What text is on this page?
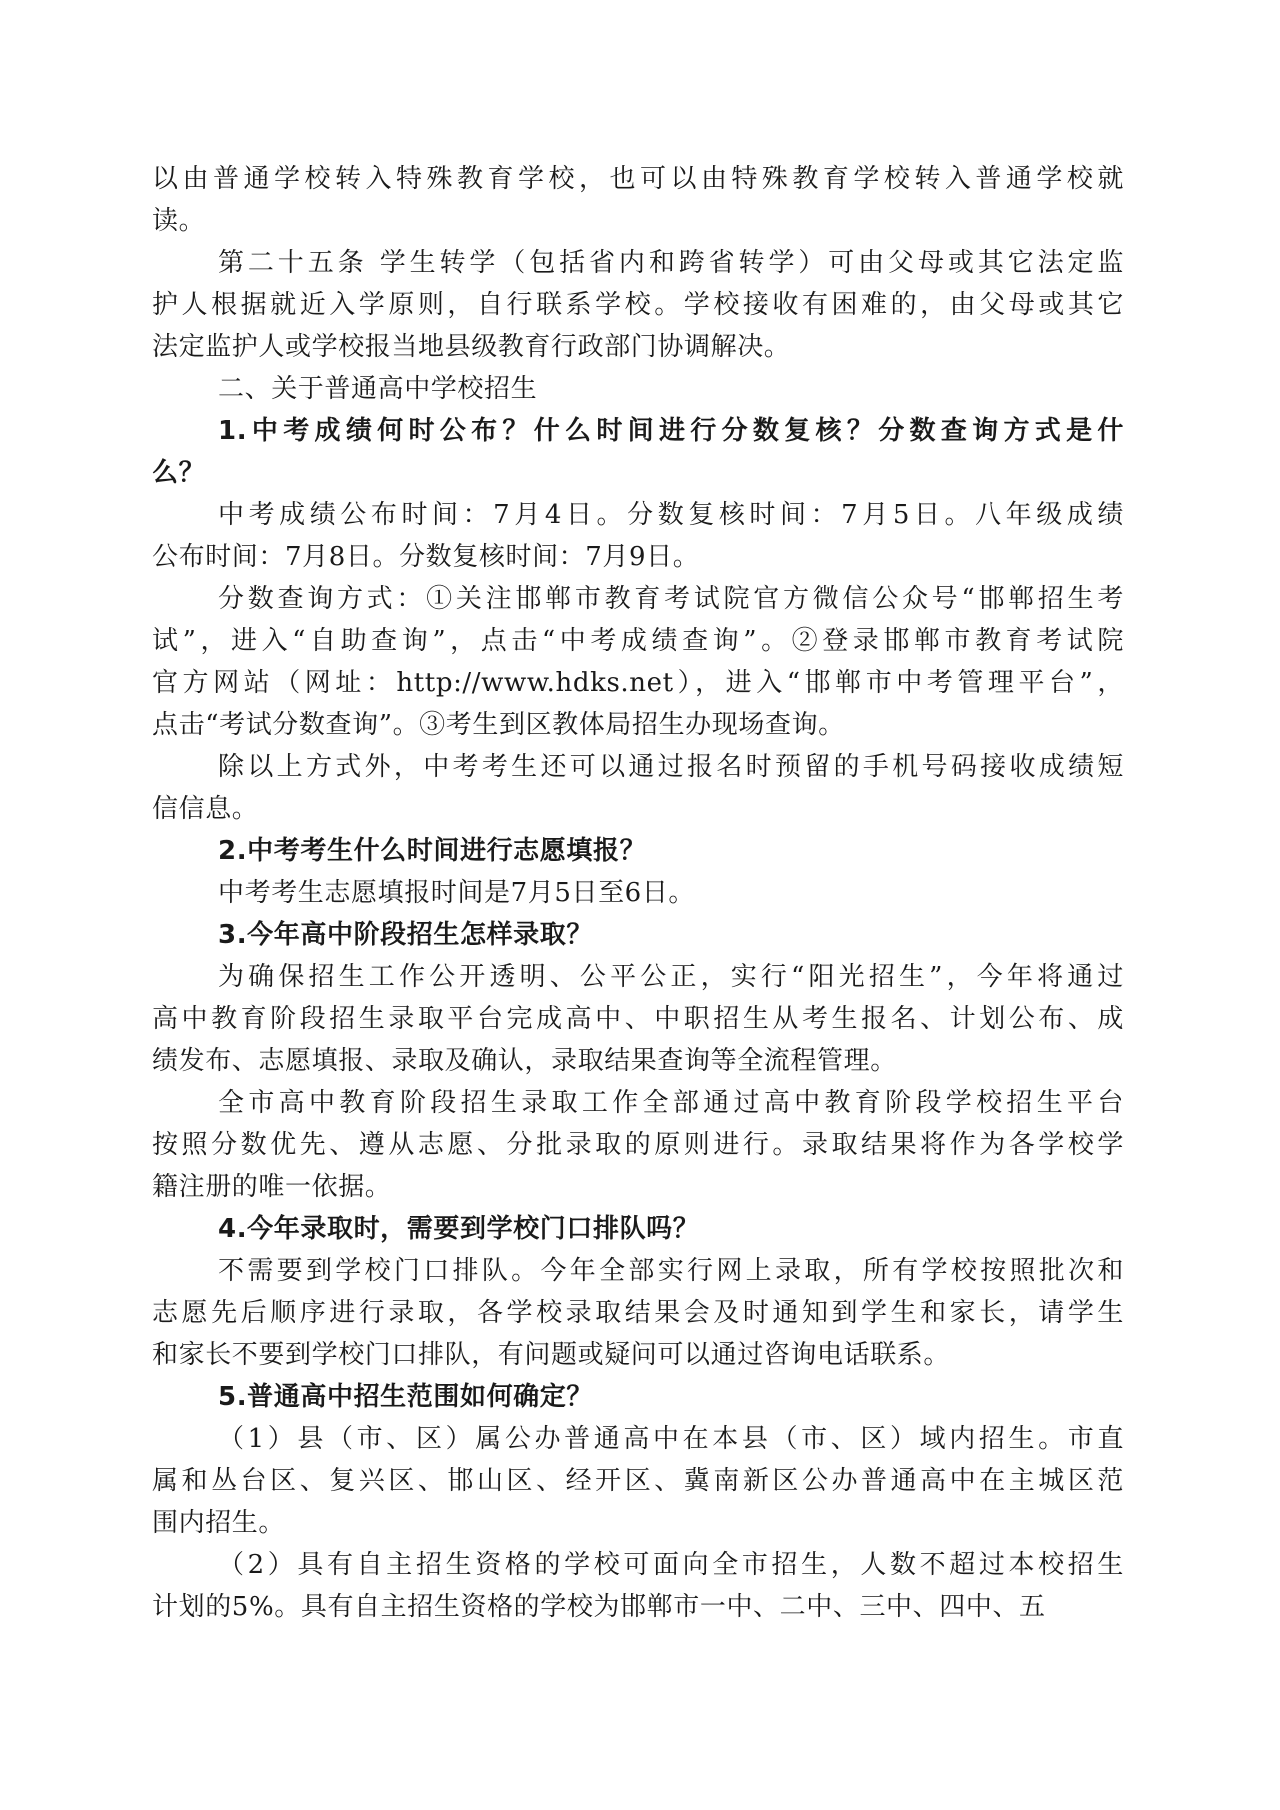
以由普通学校转入特殊教育学校，也可以由特殊教育学校转入普通学校就
读。
第二十五条 学生转学（包括省内和跨省转学）可由父母或其它法定监
护人根据就近入学原则，自行联系学校。学校接收有困难的，由父母或其它
法定监护人或学校报当地县级教育行政部门协调解决。
二、关于普通高中学校招生
1.中考成绩何时公布？什么时间进行分数复核？分数查询方式是什
么？
中考成绩公布时间：7月4日。分数复核时间：7月5日。八年级成绩
公布时间：7月8日。分数复核时间：7月9日。
分数查询方式：①关注邯郸市教育考试院官方微信公众号“邯郸招生考
试”，进入“自助查询”，点击“中考成绩查询”。②登录邯郸市教育考试院
官方网站（网址：http://www.hdks.net），进入“邯郸市中考管理平台”，
点击“考试分数查询”。③考生到区教体局招生办现场查询。
除以上方式外，中考考生还可以通过报名时预留的手机号码接收成绩短
信信息。
2.中考考生什么时间进行志愿填报？
中考考生志愿填报时间是7月5日至6日。
3.今年高中阶段招生怎样录取？
为确保招生工作公开透明、公平公正，实行“阳光招生”，今年将通过
高中教育阶段招生录取平台完成高中、中职招生从考生报名、计划公布、成
绩发布、志愿填报、录取及确认，录取结果查询等全流程管理。
全市高中教育阶段招生录取工作全部通过高中教育阶段学校招生平台
按照分数优先、遵从志愿、分批录取的原则进行。录取结果将作为各学校学
籍注册的唯一依据。
4.今年录取时，需要到学校门口排队吗？
不需要到学校门口排队。今年全部实行网上录取，所有学校按照批次和
志愿先后顺序进行录取，各学校录取结果会及时通知到学生和家长，请学生
和家长不要到学校门口排队，有问题或疑问可以通过咨询电话联系。
5.普通高中招生范围如何确定？
（1）县（市、区）属公办普通高中在本县（市、区）域内招生。市直
属和丛台区、复兴区、邯山区、经开区、冀南新区公办普通高中在主城区范
围内招生。
（2）具有自主招生资格的学校可面向全市招生，人数不超过本校招生
计划的5%。具有自主招生资格的学校为邯郸市一中、二中、三中、四中、五
